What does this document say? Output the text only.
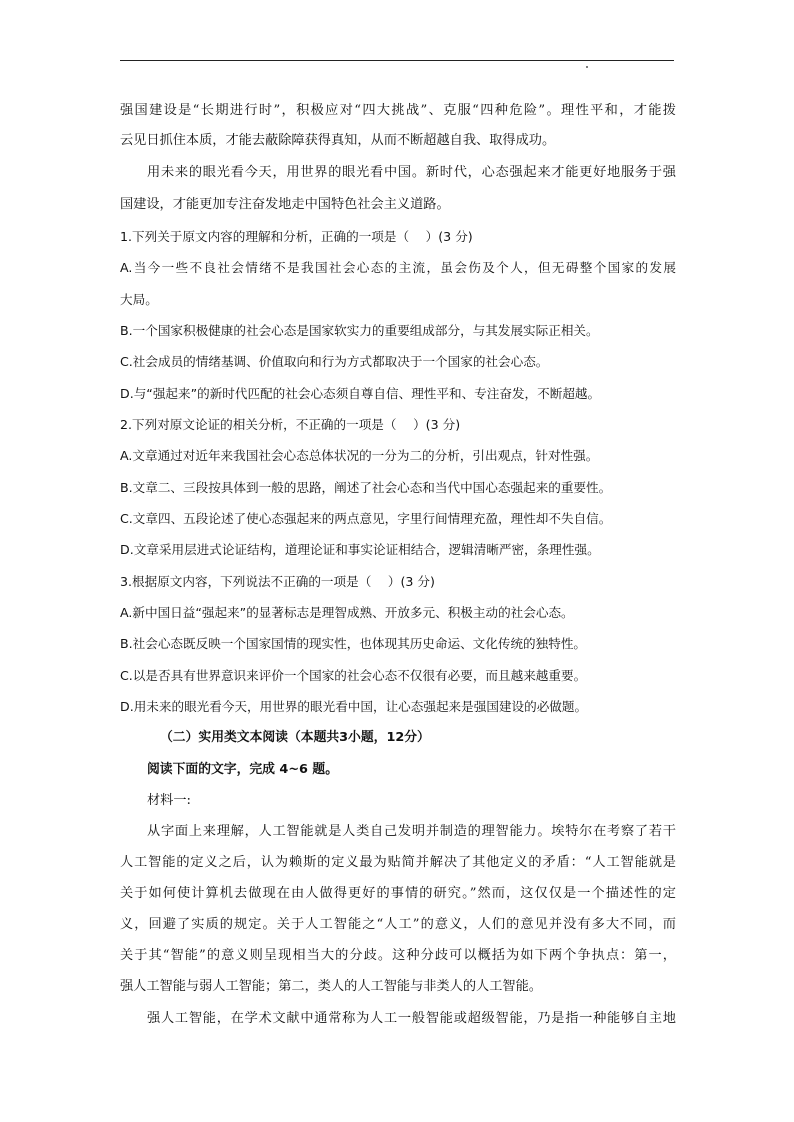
强国建设是“长期进行时”，积极应对“四大挑战”、克服“四种危险”。理性平和，才能拨
云见日抓住本质，才能去蔽除障获得真知，从而不断超越自我、取得成功。
用未来的眼光看今天，用世界的眼光看中国。新时代，心态强起来才能更好地服务于强
国建设，才能更加专注奋发地走中国特色社会主义道路。
1.下列关于原文内容的理解和分析，正确的一项是（　 ）(3 分)
A.当今一些不良社会情绪不是我国社会心态的主流，虽会伤及个人，但无碍整个国家的发展
大局。
B.一个国家积极健康的社会心态是国家软实力的重要组成部分，与其发展实际正相关。
C.社会成员的情绪基调、价值取向和行为方式都取决于一个国家的社会心态。
D.与“强起来”的新时代匹配的社会心态须自尊自信、理性平和、专注奋发，不断超越。
2.下列对原文论证的相关分析，不正确的一项是（　 ）(3 分)
A.文章通过对近年来我国社会心态总体状况的一分为二的分析，引出观点，针对性强。
B.文章二、三段按具体到一般的思路，阐述了社会心态和当代中国心态强起来的重要性。
C.文章四、五段论述了使心态强起来的两点意见，字里行间情理充盈，理性却不失自信。
D.文章采用层进式论证结构，道理论证和事实论证相结合，逻辑清晰严密，条理性强。
3.根据原文内容，下列说法不正确的一项是（　 ）(3 分)
A.新中国日益“强起来”的显著标志是理智成熟、开放多元、积极主动的社会心态。
B.社会心态既反映一个国家国情的现实性，也体现其历史命运、文化传统的独特性。
C.以是否具有世界意识来评价一个国家的社会心态不仅很有必要，而且越来越重要。
D.用未来的眼光看今天，用世界的眼光看中国，让心态强起来是强国建设的必做题。
（二）实用类文本阅读（本题共3小题，12分）
阅读下面的文字，完成 4~6 题。
材料一:
从字面上来理解，人工智能就是人类自己发明并制造的理智能力。埃特尔在考察了若干
人工智能的定义之后，认为赖斯的定义最为贴简并解决了其他定义的矛盾：“人工智能就是
关于如何使计算机去做现在由人做得更好的事情的研究。”然而，这仅仅是一个描述性的定
义，回避了实质的规定。关于人工智能之“人工”的意义，人们的意见并没有多大不同，而
关于其“智能”的意义则呈现相当大的分歧。这种分歧可以概括为如下两个争执点：第一，
强人工智能与弱人工智能；第二，类人的人工智能与非类人的人工智能。
强人工智能，在学术文献中通常称为人工一般智能或超级智能，乃是指一种能够自主地
